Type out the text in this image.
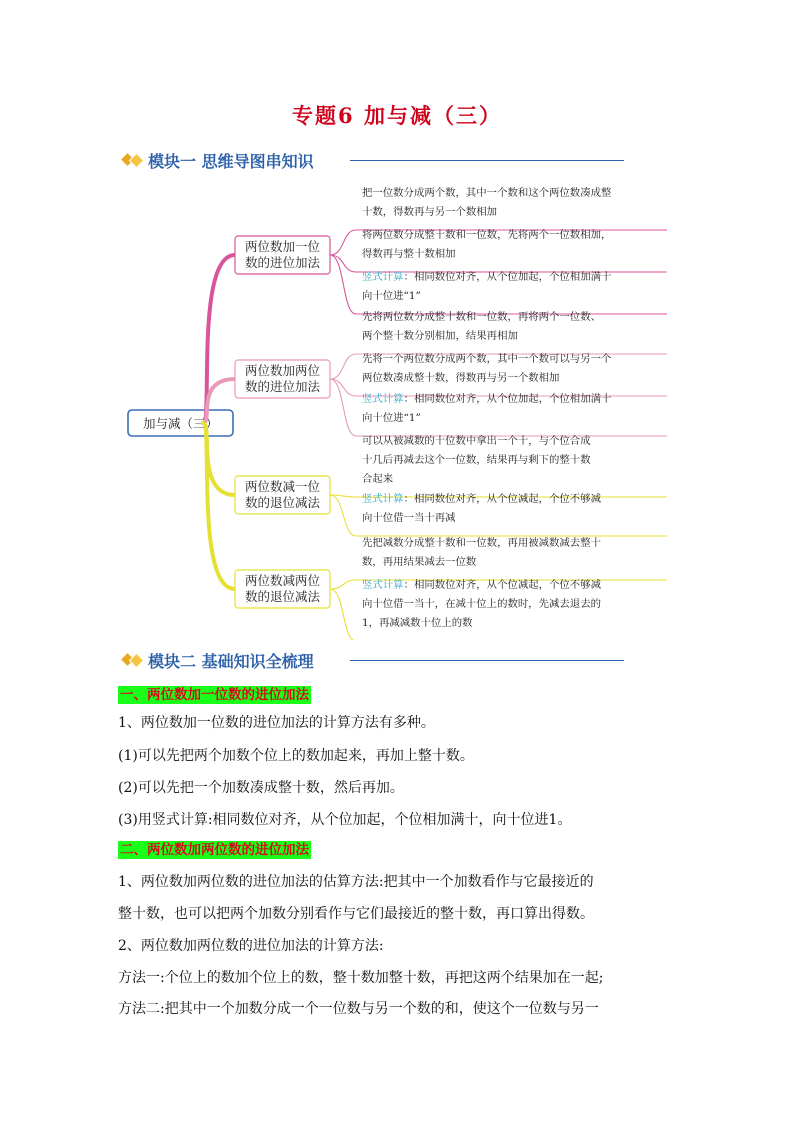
专题6 加与减（三）
模块一 思维导图串知识
加与减（三）
两位数加一位
数的进位加法
把一位数分成两个数，其中一个数和这个两位数凑成整
十数，得数再与另一个数相加
将两位数分成整十数和一位数，先将两个一位数相加，
得数再与整十数相加
竖式计算：相同数位对齐，从个位加起，个位相加满十
向十位进“1”
两位数加两位
数的进位加法
先将两位数分成整十数和一位数，再将两个一位数、
两个整十数分别相加，结果再相加
先将一个两位数分成两个数，其中一个数可以与另一个
两位数凑成整十数，得数再与另一个数相加
竖式计算：相同数位对齐，从个位加起，个位相加满十
向十位进“1”
两位数减一位
数的退位减法
可以从被减数的十位数中拿出一个十，与个位合成
十几后再减去这个一位数，结果再与剩下的整十数
合起来
竖式计算：相同数位对齐，从个位减起，个位不够减
向十位借一当十再减
两位数减两位
数的退位减法
先把减数分成整十数和一位数，再用被减数减去整十
数，再用结果减去一位数
竖式计算：相同数位对齐，从个位减起，个位不够减
向十位借一当十，在减十位上的数时，先减去退去的
1，再减减数十位上的数
模块二 基础知识全梳理
一、两位数加一位数的进位加法
1、两位数加一位数的进位加法的计算方法有多种。
(1)可以先把两个加数个位上的数加起来，再加上整十数。
(2)可以先把一个加数凑成整十数，然后再加。
(3)用竖式计算:相同数位对齐，从个位加起，个位相加满十，向十位进1。
二、两位数加两位数的进位加法
1、两位数加两位数的进位加法的估算方法:把其中一个加数看作与它最接近的
整十数，也可以把两个加数分别看作与它们最接近的整十数，再口算出得数。
2、两位数加两位数的进位加法的计算方法:
方法一:个位上的数加个位上的数，整十数加整十数，再把这两个结果加在一起;
方法二:把其中一个加数分成一个一位数与另一个数的和，使这个一位数与另一
